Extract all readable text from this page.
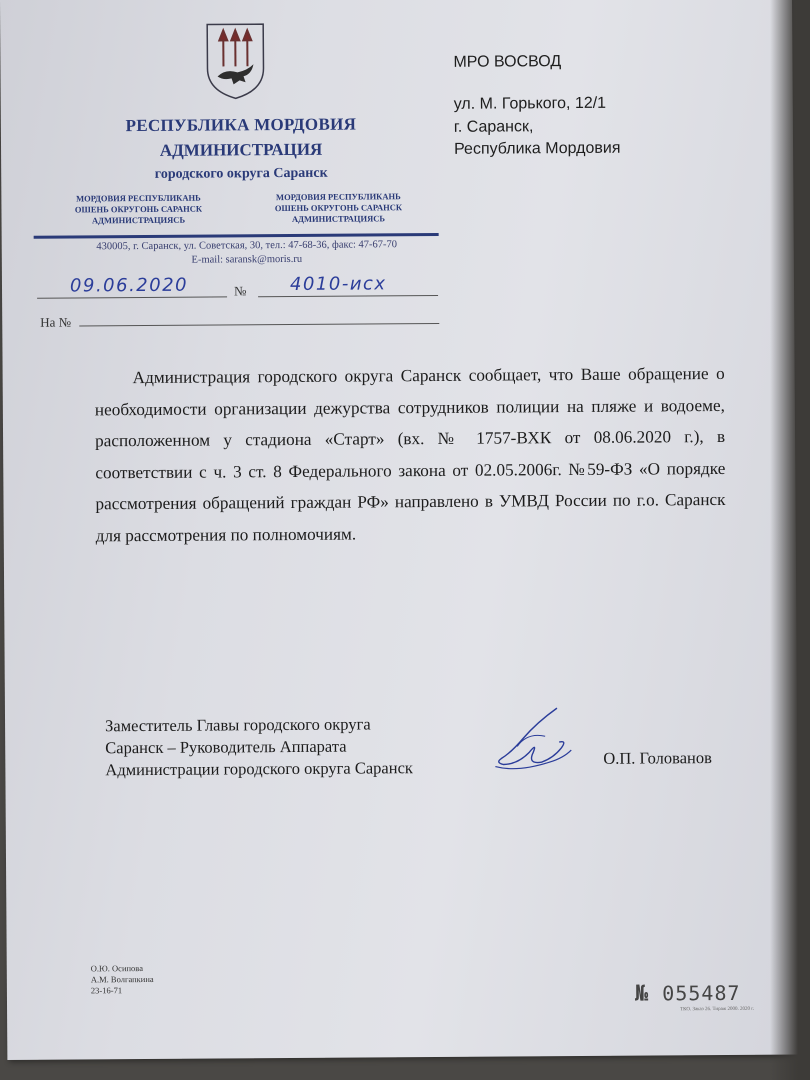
РЕСПУБЛИКА МОРДОВИЯ
АДМИНИСТРАЦИЯ
городского округа Саранск
МОРДОВИЯ РЕСПУБЛИКАНЬ
ОШЕНЬ ОКРУГОНЬ САРАНСК
АДМИНИСТРАЦИЯСЬ
МОРДОВИЯ РЕСПУБЛИКАНЬ
ОШЕНЬ ОКРУГОНЬ САРАНСК
АДМИНИСТРАЦИЯСЬ
430005, г. Саранск, ул. Советская, 30, тел.: 47-68-36, факс: 47-67-70
E-mail: saransk@moris.ru
09.06.2020	№ 4010-исх
На №
МРО ВОСВОД
ул. М. Горького, 12/1
г. Саранск,
Республика Мордовия
Администрация городского округа Саранск сообщает, что Ваше обращение о необходимости организации дежурства сотрудников полиции на пляже и водоеме, расположенном у стадиона «Старт» (вх. № 1757-ВХК от 08.06.2020 г.), в соответствии с ч. 3 ст. 8 Федерального закона от 02.05.2006г. №59-ФЗ «О порядке рассмотрения обращений граждан РФ» направлено в УМВД России по г.о. Саранск для рассмотрения по полномочиям.
Заместитель Главы городского округа
Саранск – Руководитель Аппарата
Администрации городского округа Саранск
О.П. Голованов
О.Ю. Осипова
А.М. Волгапкина
23-16-71	№ 055487
ТКО. Заказ 26. Тираж 2000. 2020 г.
